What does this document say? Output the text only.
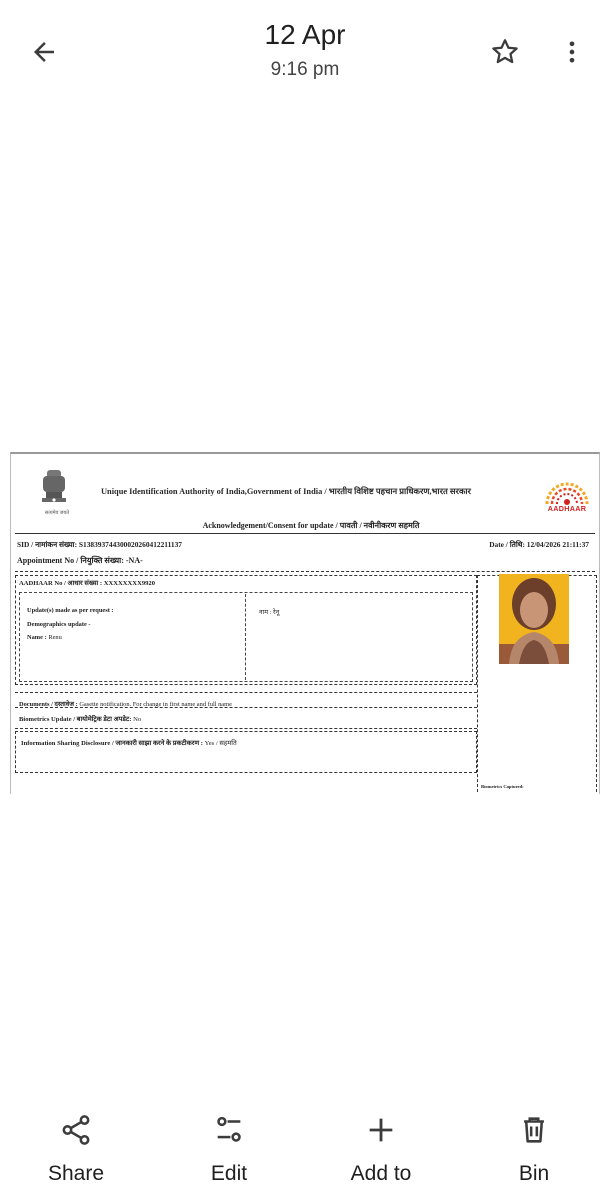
12 Apr
9:16 pm
सत्यमेव जयते
Unique Identification Authority of India,Government of India / भारतीय विशिष्ट पहचान प्राधिकरण,भारत सरकार
AADHAAR
Acknowledgement/Consent for update / पावती / नवीनीकरण सहमति
SID / नामांकन संख्या: S138393744300020260412211137	Date / तिथि: 12/04/2026 21:11:37
Appointment No / नियुक्ति संख्या: -NA-
AADHAAR No / आधार संख्या : XXXXXXXX9920
Update(s) made as per request :
Demographics update -
Name : Renu
नाम : रेनू
Biometrics Captured:
Documents / दस्तावेज : Gasette notification. For change in first name and full name
Biometrics Update / बायोमेट्रिक डेटा अपडेट: No
Information Sharing Disclosure / जानकारी साझा करने के प्रकटीकरण : Yes / सहमति
Share	Edit	Add to	Bin
